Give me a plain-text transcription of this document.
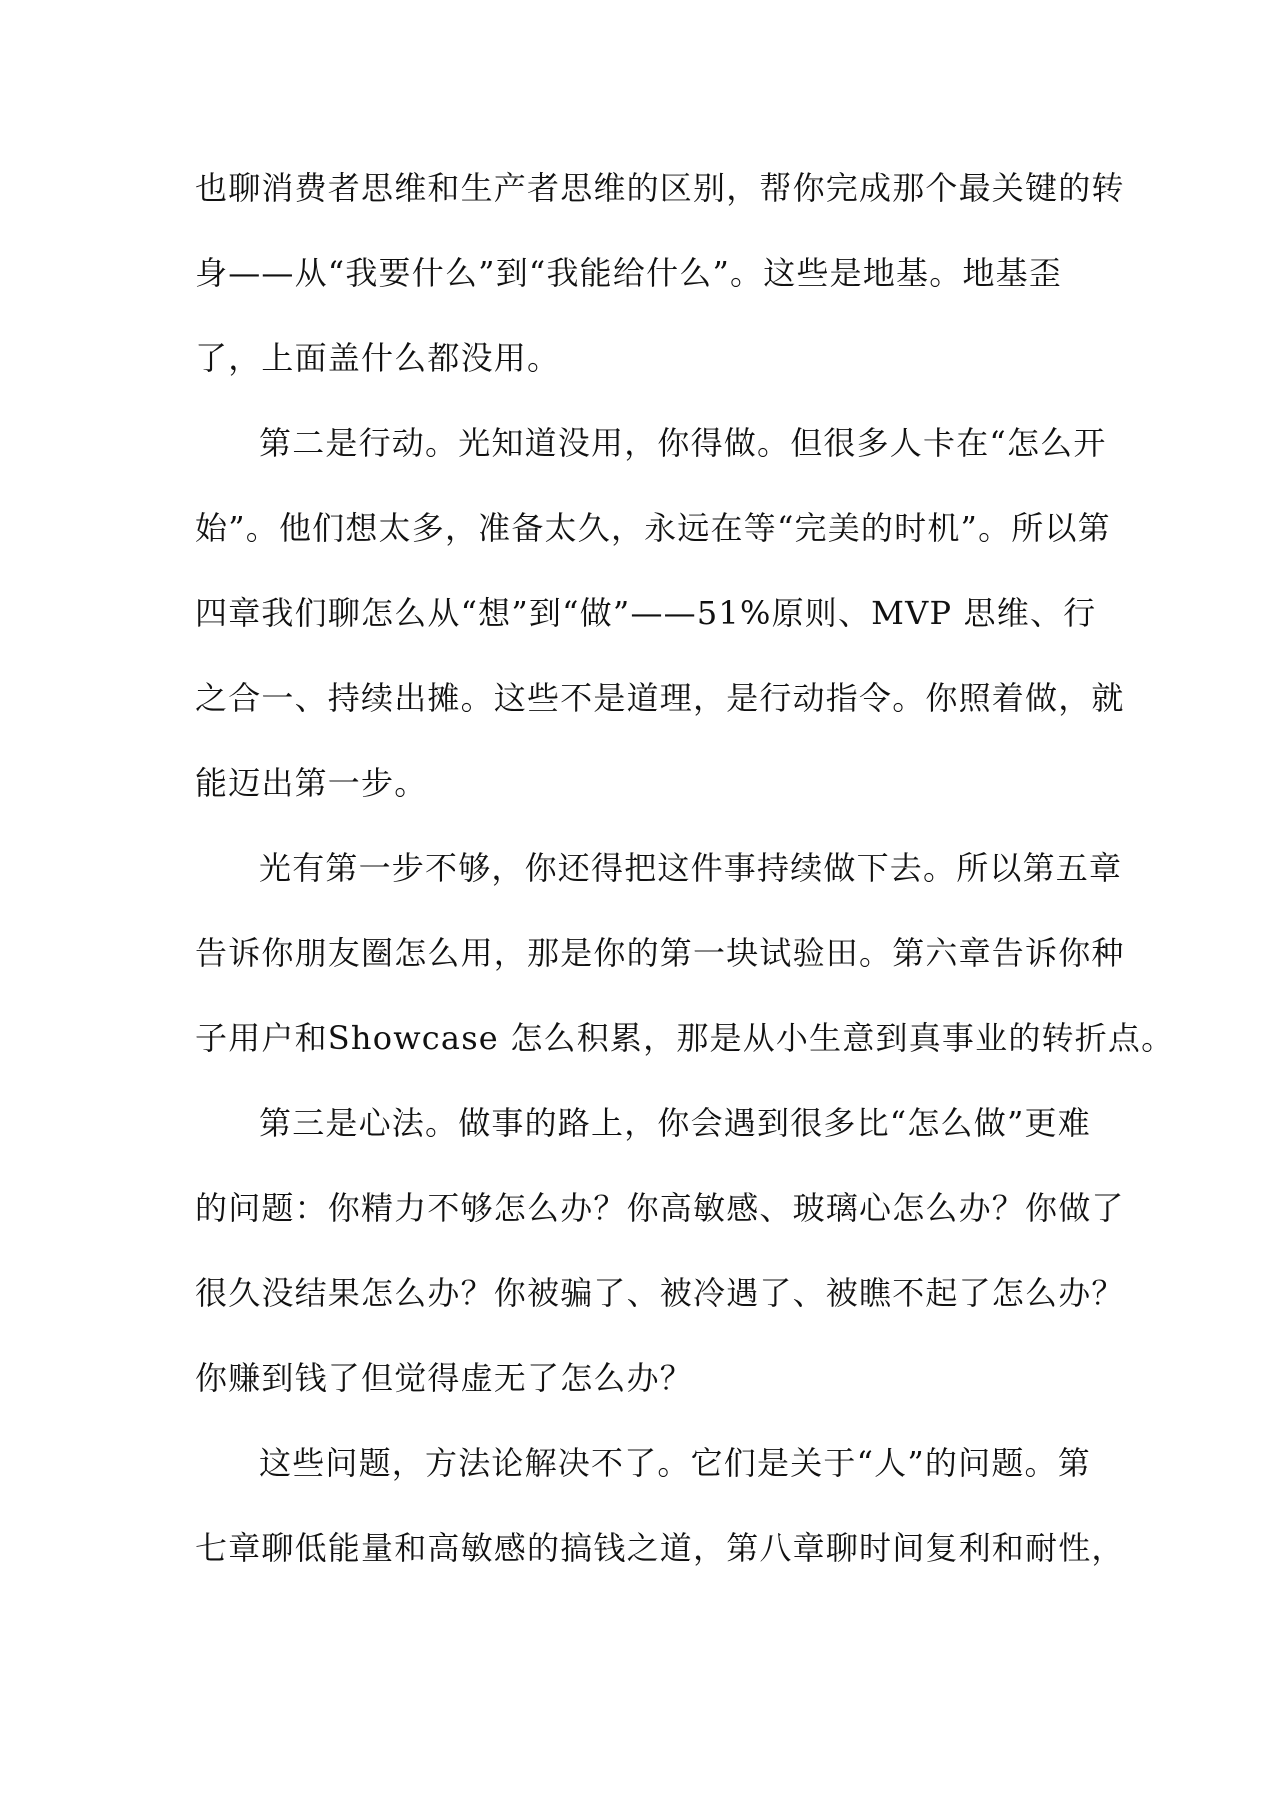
也聊消费者思维和生产者思维的区别，帮你完成那个最关键的转
身——从“我要什么”到“我能给什么”。这些是地基。地基歪
了，上面盖什么都没用。
第二是行动。光知道没用，你得做。但很多人卡在“怎么开
始”。他们想太多，准备太久，永远在等“完美的时机”。所以第
四章我们聊怎么从“想”到“做”——51%原则、MVP 思维、行
之合一、持续出摊。这些不是道理，是行动指令。你照着做，就
能迈出第一步。
光有第一步不够，你还得把这件事持续做下去。所以第五章
告诉你朋友圈怎么用，那是你的第一块试验田。第六章告诉你种
子用户和Showcase 怎么积累，那是从小生意到真事业的转折点。
第三是心法。做事的路上，你会遇到很多比“怎么做”更难
的问题：你精力不够怎么办？你高敏感、玻璃心怎么办？你做了
很久没结果怎么办？你被骗了、被冷遇了、被瞧不起了怎么办？
你赚到钱了但觉得虚无了怎么办？
这些问题，方法论解决不了。它们是关于“人”的问题。第
七章聊低能量和高敏感的搞钱之道，第八章聊时间复利和耐性，
